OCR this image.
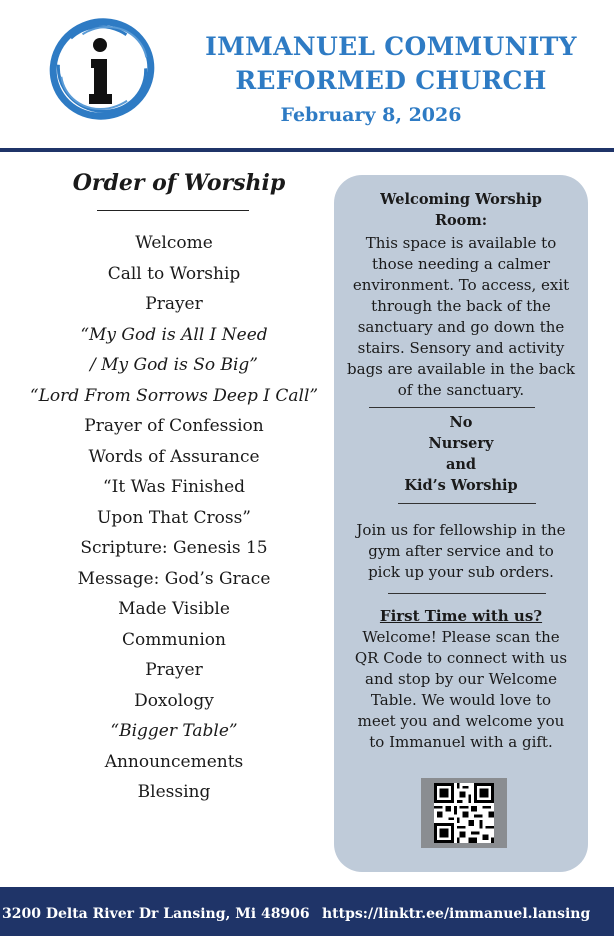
IMMANUEL COMMUNITY
REFORMED CHURCH
February 8, 2026
Order of Worship
Welcome
Call to Worship
Prayer
“My God is All I Need
/ My God is So Big”
“Lord From Sorrows Deep I Call”
Prayer of Confession
Words of Assurance
“It Was Finished
Upon That Cross”
Scripture: Genesis 15
Message: God’s Grace
Made Visible
Communion
Prayer
Doxology
“Bigger Table”
Announcements
Blessing
Welcoming Worship Room:
This space is available to those needing a calmer environment. To access, exit through the back of the sanctuary and go down the stairs. Sensory and activity bags are available in the back of the sanctuary.
No
Nursery
and
Kid’s Worship
Join us for fellowship in the gym after service and to pick up your sub orders.
First Time with us?
Welcome! Please scan the QR Code to connect with us and stop by our Welcome Table. We would love to meet you and welcome you to Immanuel with a gift.
3200 Delta River Dr Lansing, Mi 48906 https://linktr.ee/immanuel.lansing
